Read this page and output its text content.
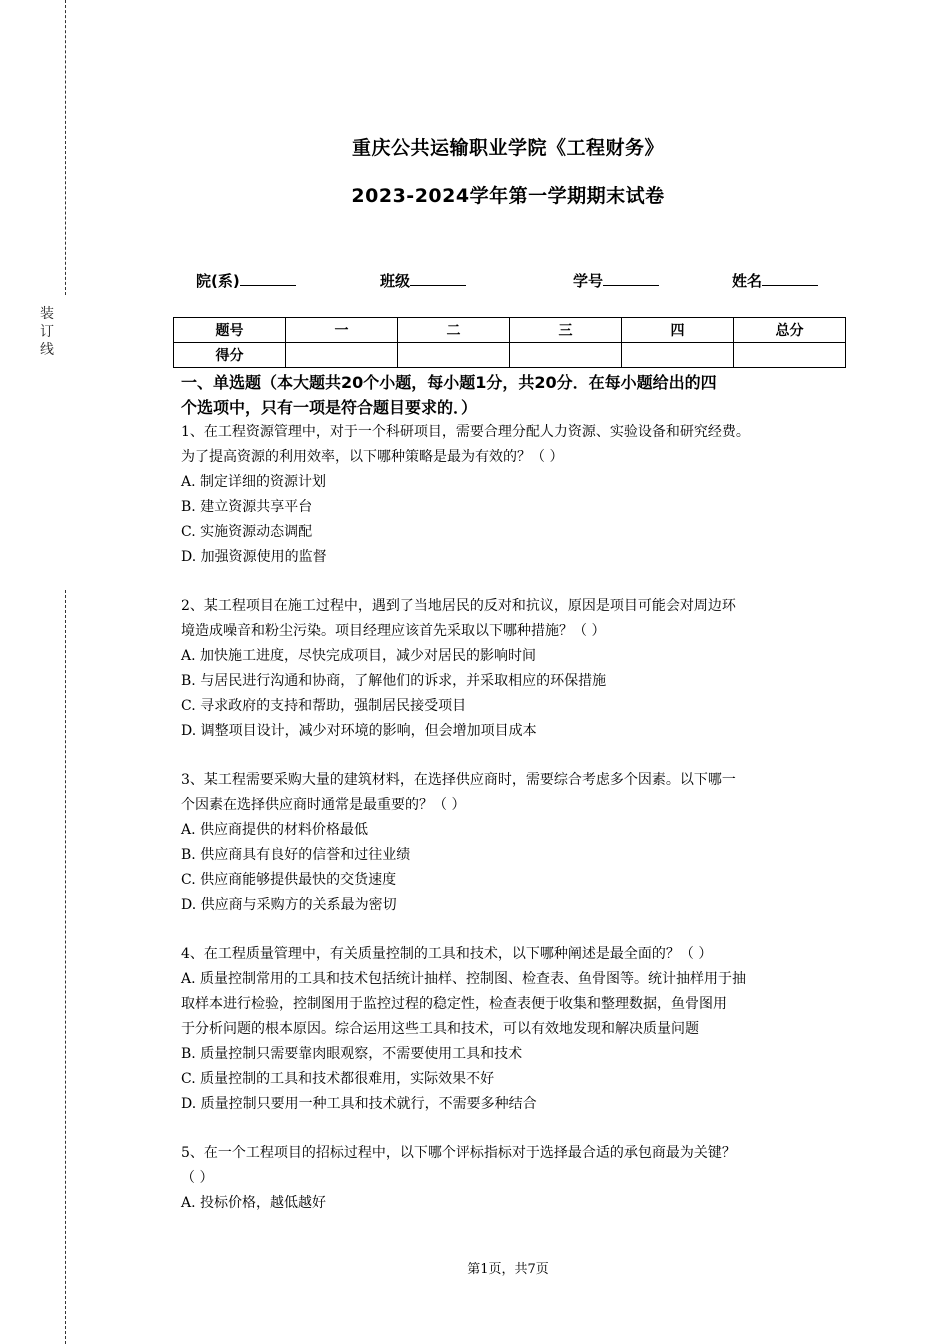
装
订
线
重庆公共运输职业学院《工程财务》
2023-2024学年第一学期期末试卷
院(系)	班级	学号	姓名
题号	一	二	三	四	总分
得分					
一、单选题（本大题共20个小题，每小题1分，共20分．在每小题给出的四
个选项中，只有一项是符合题目要求的．）
1、在工程资源管理中，对于一个科研项目，需要合理分配人力资源、实验设备和研究经费。
为了提高资源的利用效率，以下哪种策略是最为有效的？（ ）
A. 制定详细的资源计划
B. 建立资源共享平台
C. 实施资源动态调配
D. 加强资源使用的监督
2、某工程项目在施工过程中，遇到了当地居民的反对和抗议，原因是项目可能会对周边环
境造成噪音和粉尘污染。项目经理应该首先采取以下哪种措施？（ ）
A. 加快施工进度，尽快完成项目，减少对居民的影响时间
B. 与居民进行沟通和协商，了解他们的诉求，并采取相应的环保措施
C. 寻求政府的支持和帮助，强制居民接受项目
D. 调整项目设计，减少对环境的影响，但会增加项目成本
3、某工程需要采购大量的建筑材料，在选择供应商时，需要综合考虑多个因素。以下哪一
个因素在选择供应商时通常是最重要的？（ ）
A. 供应商提供的材料价格最低
B. 供应商具有良好的信誉和过往业绩
C. 供应商能够提供最快的交货速度
D. 供应商与采购方的关系最为密切
4、在工程质量管理中，有关质量控制的工具和技术，以下哪种阐述是最全面的？（ ）
A. 质量控制常用的工具和技术包括统计抽样、控制图、检查表、鱼骨图等。统计抽样用于抽
取样本进行检验，控制图用于监控过程的稳定性，检查表便于收集和整理数据，鱼骨图用
于分析问题的根本原因。综合运用这些工具和技术，可以有效地发现和解决质量问题
B. 质量控制只需要靠肉眼观察，不需要使用工具和技术
C. 质量控制的工具和技术都很难用，实际效果不好
D. 质量控制只要用一种工具和技术就行，不需要多种结合
5、在一个工程项目的招标过程中，以下哪个评标指标对于选择最合适的承包商最为关键？
（ ）
A. 投标价格，越低越好
第1页，共7页
